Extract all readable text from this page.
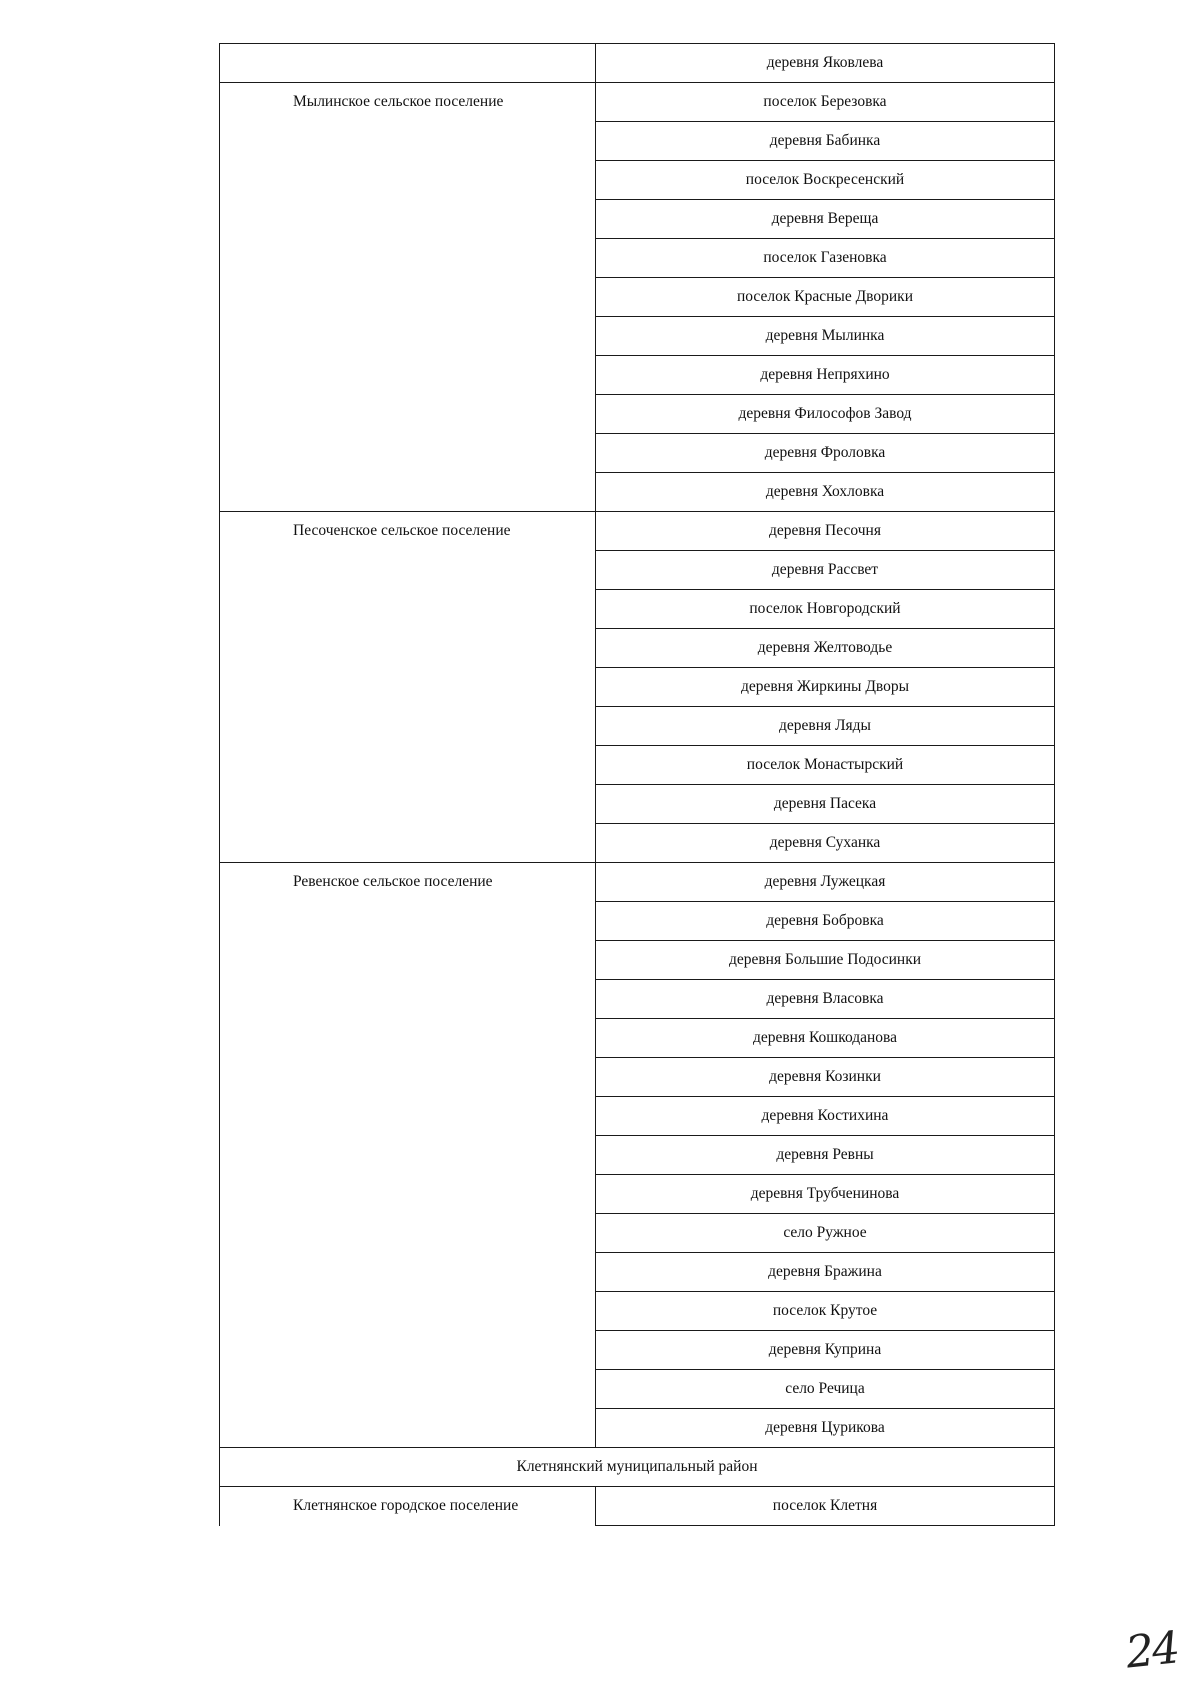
	деревня Яковлева

Мылинское сельское поселение	поселок Березовка
	деревня Бабинка
	поселок Воскресенский
	деревня Вереща
	поселок Газеновка
	поселок Красные Дворики
	деревня Мылинка
	деревня Непряхино
	деревня Философов Завод
	деревня Фроловка
	деревня Хохловка

Песоченское сельское поселение	деревня Песочня
	деревня Рассвет
	поселок Новгородский
	деревня Желтоводье
	деревня Жиркины Дворы
	деревня Ляды
	поселок Монастырский
	деревня Пасека
	деревня Суханка

Ревенское сельское поселение	деревня Лужецкая
	деревня Бобровка
	деревня Большие Подосинки
	деревня Власовка
	деревня Кошкоданова
	деревня Козинки
	деревня Костихина
	деревня Ревны
	деревня Трубченинова
	село Ружное
	деревня Бражина
	поселок Крутое
	деревня Куприна
	село Речица
	деревня Цурикова
Клетнянский муниципальный район	

Клетнянское городское поселение	поселок Клетня
24
